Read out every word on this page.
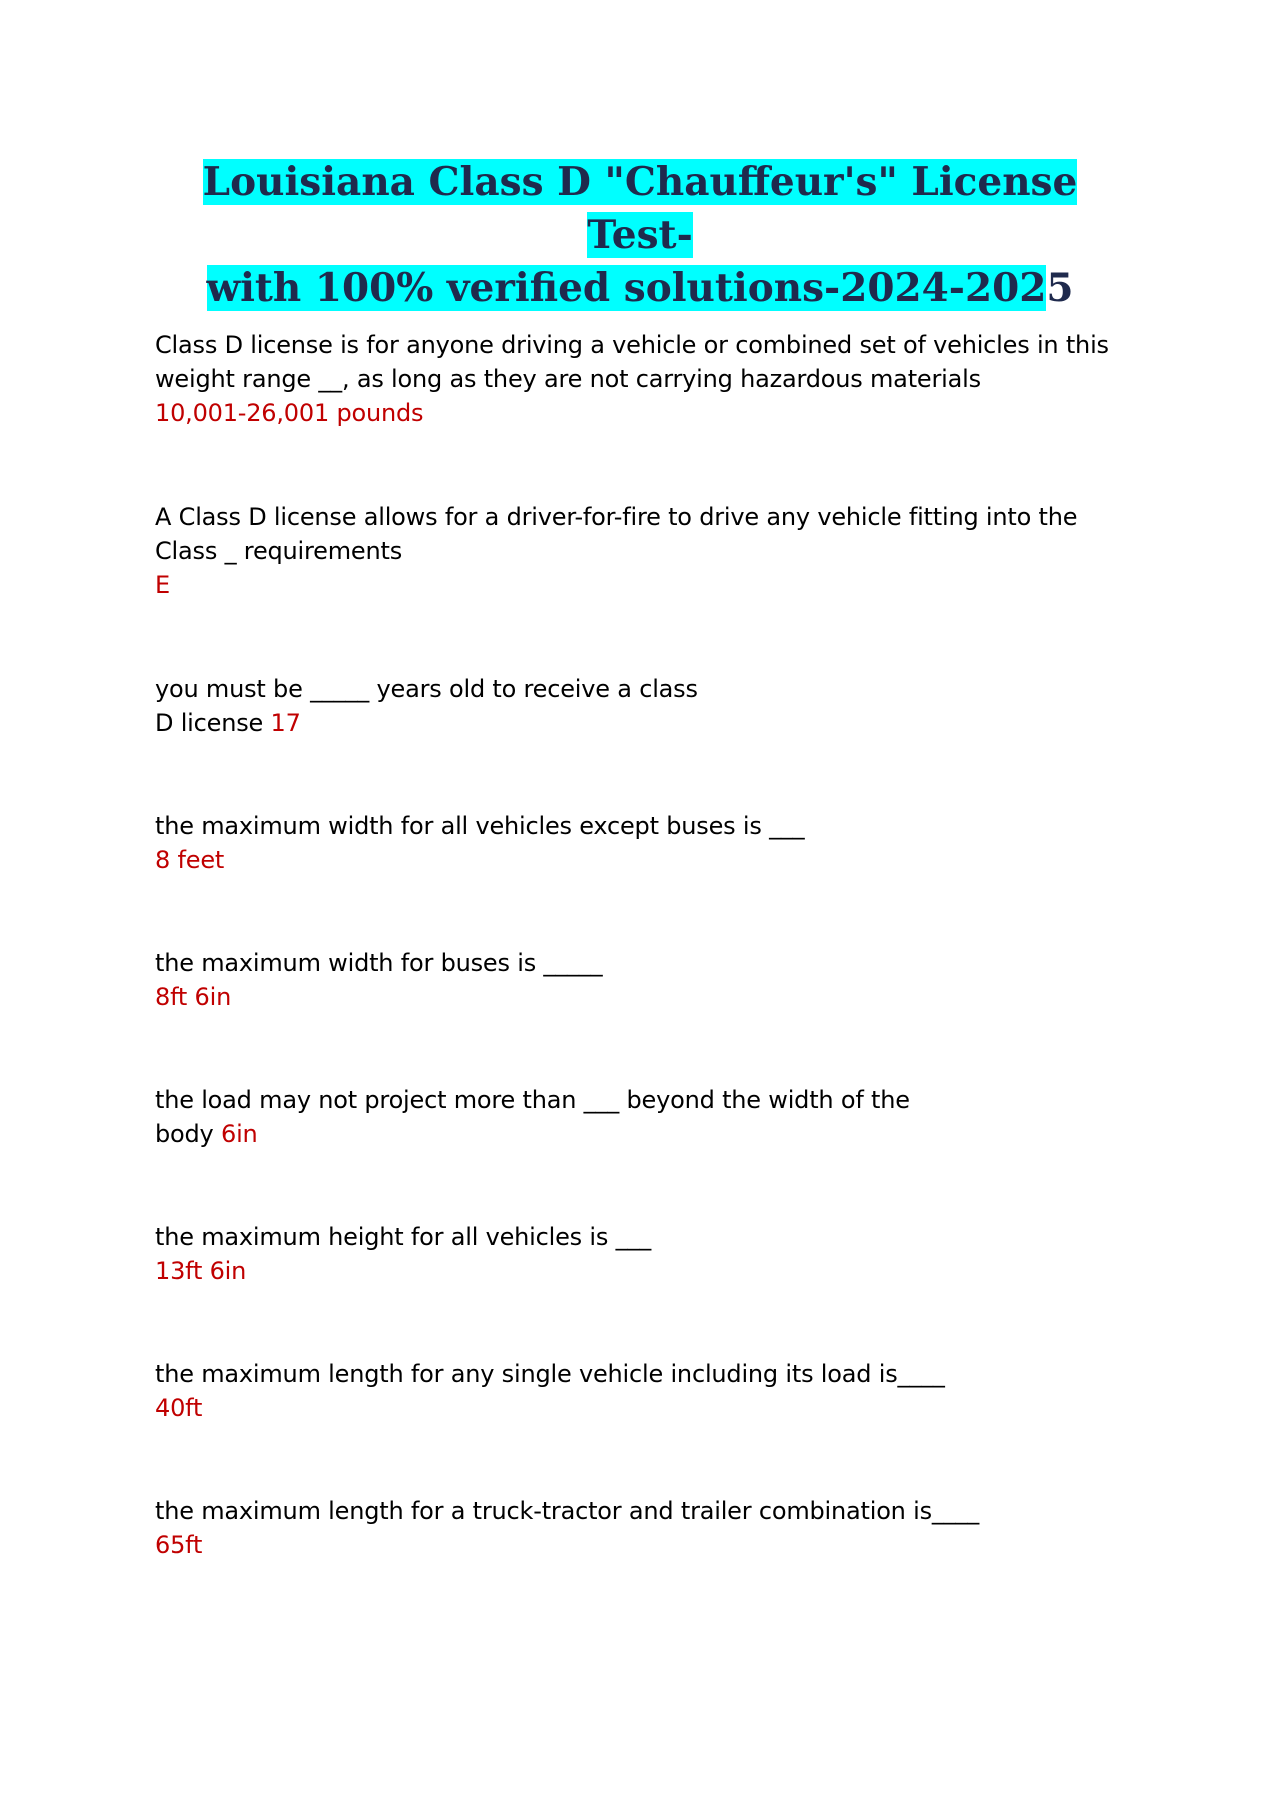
Louisiana Class D "Chauffeur's" License Test-
with 100% verified solutions-2024-2025
Class D license is for anyone driving a vehicle or combined set of vehicles in this weight range __, as long as they are not carrying hazardous materials
10,001-26,001 pounds
A Class D license allows for a driver-for-fire to drive any vehicle fitting into the Class _ requirements
E
you must be _____ years old to receive a class D license 17
the maximum width for all vehicles except buses is ___
8 feet
the maximum width for buses is _____
8ft 6in
the load may not project more than ___ beyond the width of the body 6in
the maximum height for all vehicles is ___
13ft 6in
the maximum length for any single vehicle including its load is____
40ft
the maximum length for a truck-tractor and trailer combination is____
65ft
